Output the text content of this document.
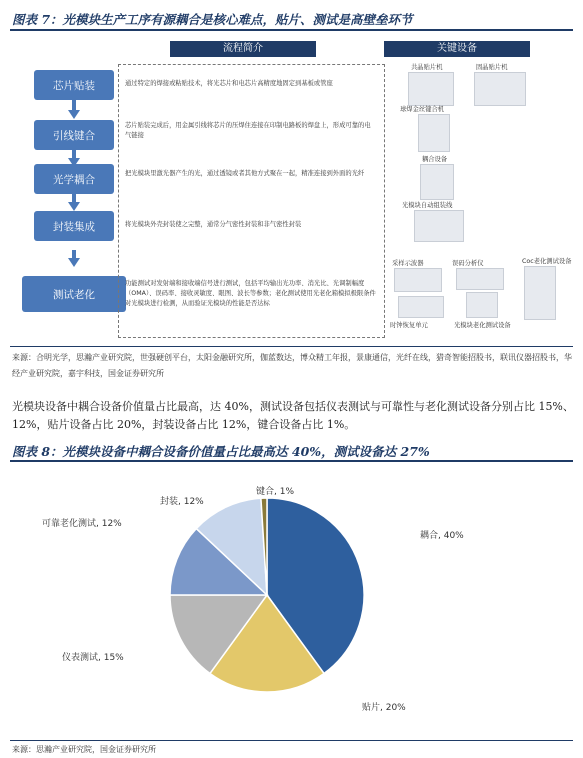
图表 7：光模块生产工序有源耦合是核心难点，贴片、测试是高壁垒环节
流程简介	关键设备
芯片贴装
引线键合
光学耦合
封装集成
测试老化
通过特定的焊接或粘贴技术，将光芯片和电芯片高精度地固定到基板或管座
芯片贴装完成后，用金属引线将芯片的压焊住连接在印制电路板的焊盘上，形成可靠的电气链接
把光模块里激光器产生的光，通过透镜或者其他方式聚在一起，精准连接到外面的光纤
将光模块外壳封装使之完整，通常分气密性封装和非气密性封装
功能测试对发射端和接收端信号进行测试，包括平均输出光功率、消光比、光调制幅度（OMA）、误码率、接收灵敏度、眼图、波长等参数；老化测试使用光老化箱模拟极限条件对光模块进行检测，从而验证光模块的性能是否达标
共晶贴片机	固晶贴片机
球焊金丝键合机
耦合设备
光模块自动组装线
采样示波器	误码分析仪	Coc老化测试设备
时钟恢复单元	光模块老化测试设备
来源：合明光学，思瀚产业研究院，世强硬创平台，太阳金融研究所，伽蓝数达，博众精工年报，景康通信，光纤在线，猎奇智能招股书，联讯仪器招股书，华经产业研究院，嘉宇科技，国金证券研究所
光模块设备中耦合设备价值量占比最高，达 40%，测试设备包括仪表测试与可靠性与老化测试设备分别占比 15%、12%，贴片设备占比 20%，封装设备占比 12%，键合设备占比 1%。
图表 8：光模块设备中耦合设备价值量占比最高达 40%，测试设备达 27%
耦合, 40%
贴片, 20%
仪表测试, 15%
可靠老化测试, 12%
封装, 12%
键合, 1%
来源：思瀚产业研究院，国金证券研究所
